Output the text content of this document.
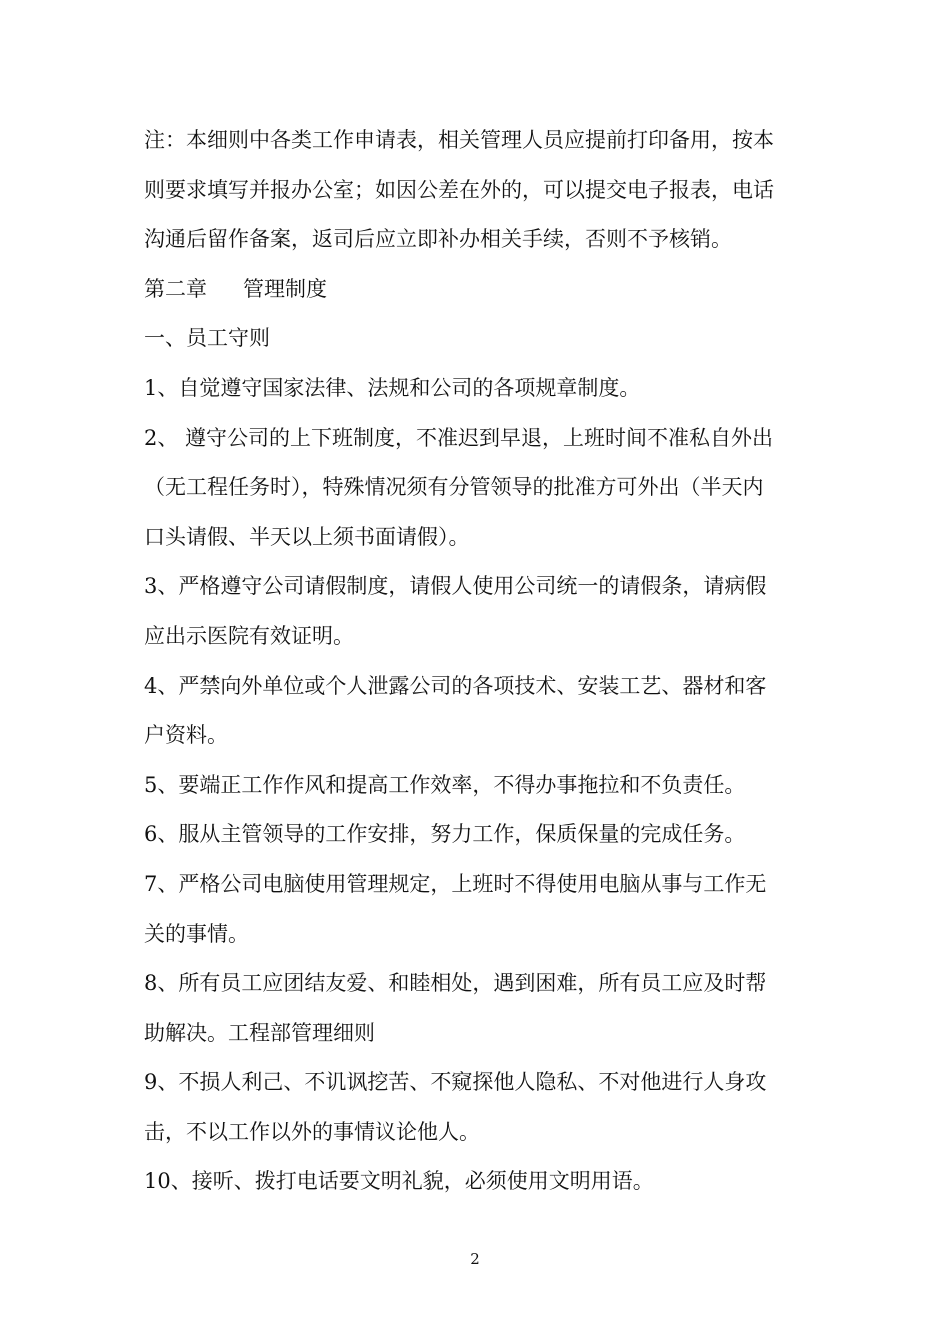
注：本细则中各类工作申请表，相关管理人员应提前打印备用，按本
则要求填写并报办公室；如因公差在外的，可以提交电子报表，电话
沟通后留作备案，返司后应立即补办相关手续，否则不予核销。
第二章 管理制度
一、员工守则
1、自觉遵守国家法律、法规和公司的各项规章制度。
2、 遵守公司的上下班制度，不准迟到早退，上班时间不准私自外出
（无工程任务时），特殊情况须有分管领导的批准方可外出（半天内
口头请假、半天以上须书面请假）。
3、严格遵守公司请假制度，请假人使用公司统一的请假条，请病假
应出示医院有效证明。
4、严禁向外单位或个人泄露公司的各项技术、安装工艺、器材和客
户资料。
5、要端正工作作风和提高工作效率，不得办事拖拉和不负责任。
6、服从主管领导的工作安排，努力工作，保质保量的完成任务。
7、严格公司电脑使用管理规定，上班时不得使用电脑从事与工作无
关的事情。
8、所有员工应团结友爱、和睦相处，遇到困难，所有员工应及时帮
助解决。工程部管理细则
9、不损人利己、不讥讽挖苦、不窥探他人隐私、不对他进行人身攻
击，不以工作以外的事情议论他人。
10、接听、拨打电话要文明礼貌，必须使用文明用语。
2
